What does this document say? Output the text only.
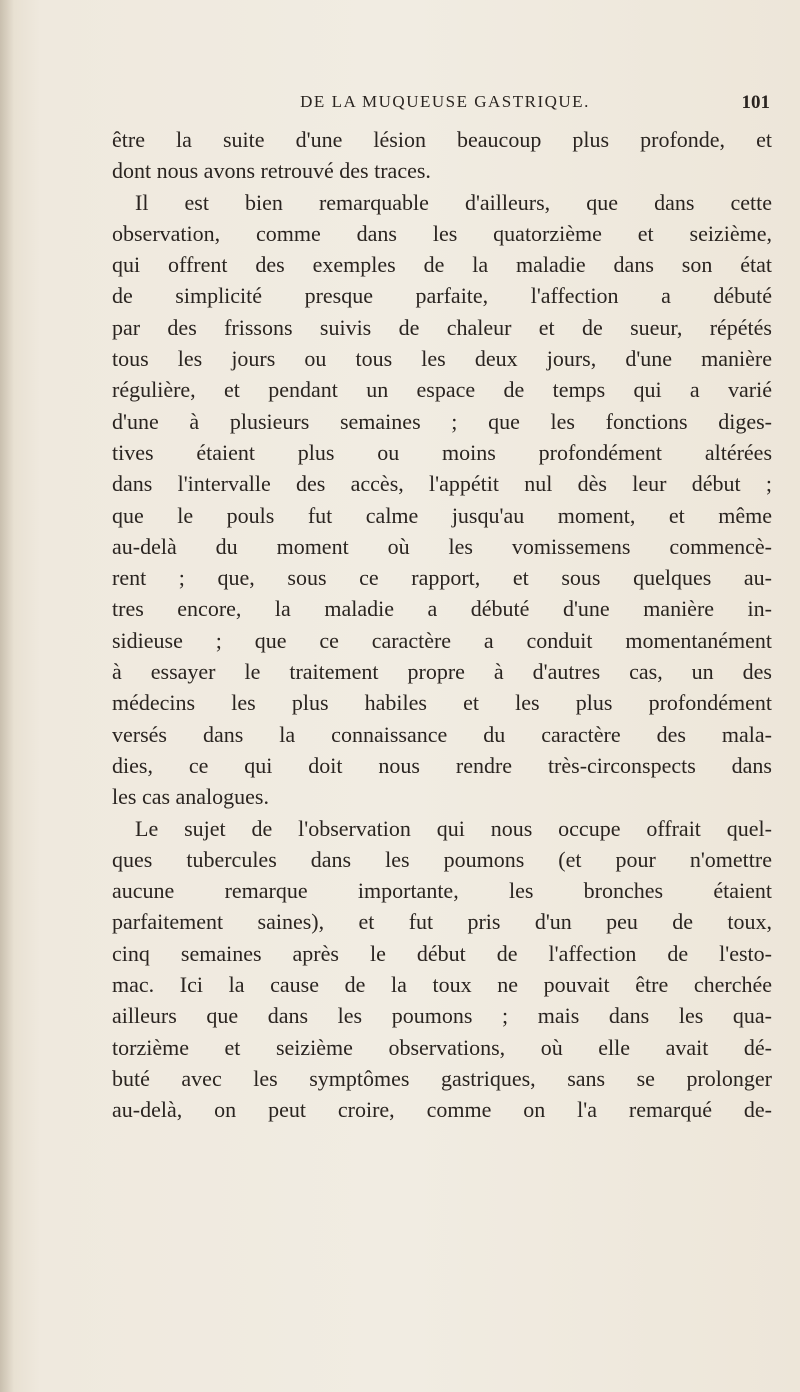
DE LA MUQUEUSE GASTRIQUE.	101
être la suite d'une lésion beaucoup plus profonde, et
dont nous avons retrouvé des traces.
Il est bien remarquable d'ailleurs, que dans cette
observation, comme dans les quatorzième et seizième,
qui offrent des exemples de la maladie dans son état
de simplicité presque parfaite, l'affection a débuté
par des frissons suivis de chaleur et de sueur, répétés
tous les jours ou tous les deux jours, d'une manière
régulière, et pendant un espace de temps qui a varié
d'une à plusieurs semaines ; que les fonctions diges-
tives étaient plus ou moins profondément altérées
dans l'intervalle des accès, l'appétit nul dès leur début ;
que le pouls fut calme jusqu'au moment, et même
au-delà du moment où les vomissemens commencè-
rent ; que, sous ce rapport, et sous quelques au-
tres encore, la maladie a débuté d'une manière in-
sidieuse ; que ce caractère a conduit momentanément
à essayer le traitement propre à d'autres cas, un des
médecins les plus habiles et les plus profondément
versés dans la connaissance du caractère des mala-
dies, ce qui doit nous rendre très-circonspects dans
les cas analogues.
Le sujet de l'observation qui nous occupe offrait quel-
ques tubercules dans les poumons (et pour n'omettre
aucune remarque importante, les bronches étaient
parfaitement saines), et fut pris d'un peu de toux,
cinq semaines après le début de l'affection de l'esto-
mac. Ici la cause de la toux ne pouvait être cherchée
ailleurs que dans les poumons ; mais dans les qua-
torzième et seizième observations, où elle avait dé-
buté avec les symptômes gastriques, sans se prolonger
au-delà, on peut croire, comme on l'a remarqué de-
